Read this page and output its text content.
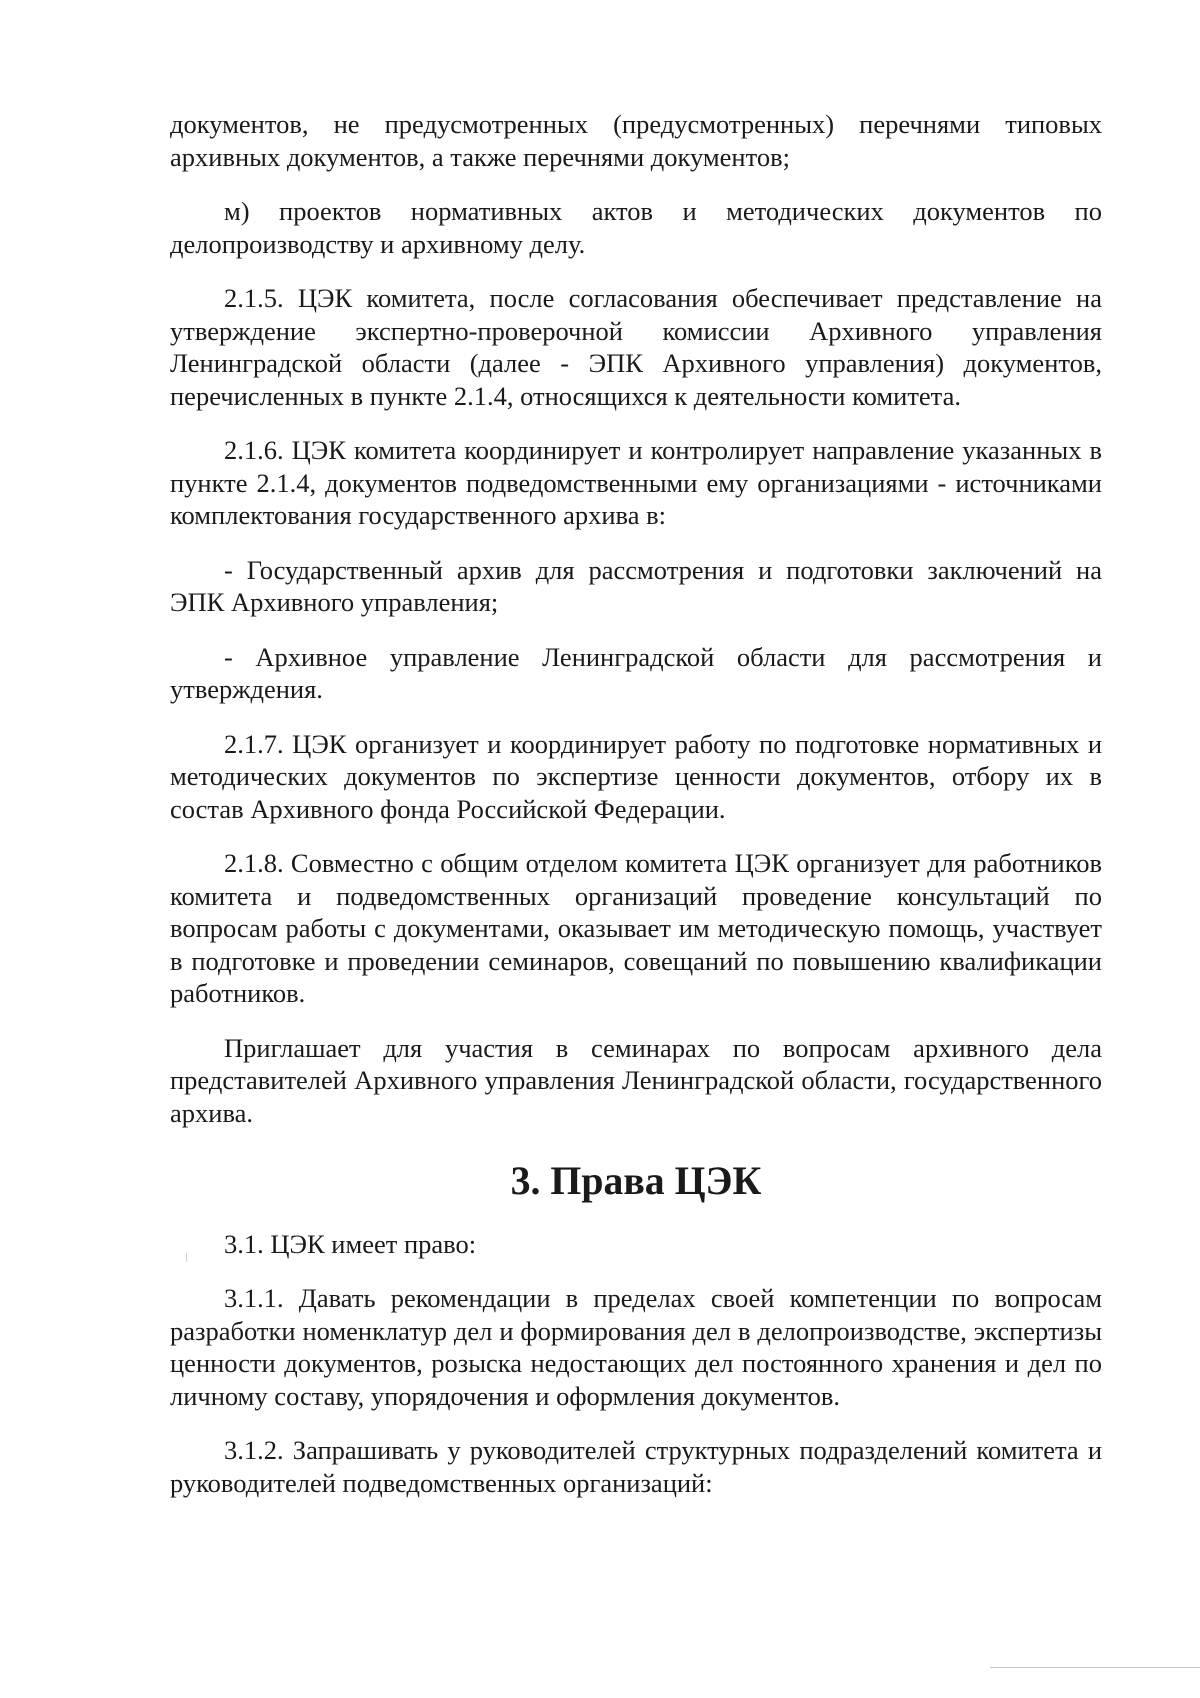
документов, не предусмотренных (предусмотренных) перечнями типовых архивных документов, а также перечнями документов;

м) проектов нормативных актов и методических документов по делопроизводству и архивному делу.

2.1.5. ЦЭК комитета, после согласования обеспечивает представление на утверждение экспертно-проверочной комиссии Архивного управления Ленинградской области (далее - ЭПК Архивного управления) документов, перечисленных в пункте 2.1.4, относящихся к деятельности комитета.

2.1.6. ЦЭК комитета координирует и контролирует направление указанных в пункте 2.1.4, документов подведомственными ему организациями - источниками комплектования государственного архива в:

- Государственный архив для рассмотрения и подготовки заключений на ЭПК Архивного управления;

- Архивное управление Ленинградской области для рассмотрения и утверждения.

2.1.7. ЦЭК организует и координирует работу по подготовке нормативных и методических документов по экспертизе ценности документов, отбору их в состав Архивного фонда Российской Федерации.

2.1.8. Совместно с общим отделом комитета ЦЭК организует для работников комитета и подведомственных организаций проведение консультаций по вопросам работы с документами, оказывает им методическую помощь, участвует в подготовке и проведении семинаров, совещаний по повышению квалификации работников.

Приглашает для участия в семинарах по вопросам архивного дела представителей Архивного управления Ленинградской области, государственного архива.

3. Права ЦЭК

3.1. ЦЭК имеет право:

3.1.1. Давать рекомендации в пределах своей компетенции по вопросам разработки номенклатур дел и формирования дел в делопроизводстве, экспертизы ценности документов, розыска недостающих дел постоянного хранения и дел по личному составу, упорядочения и оформления документов.

3.1.2. Запрашивать у руководителей структурных подразделений комитета и руководителей подведомственных организаций:
